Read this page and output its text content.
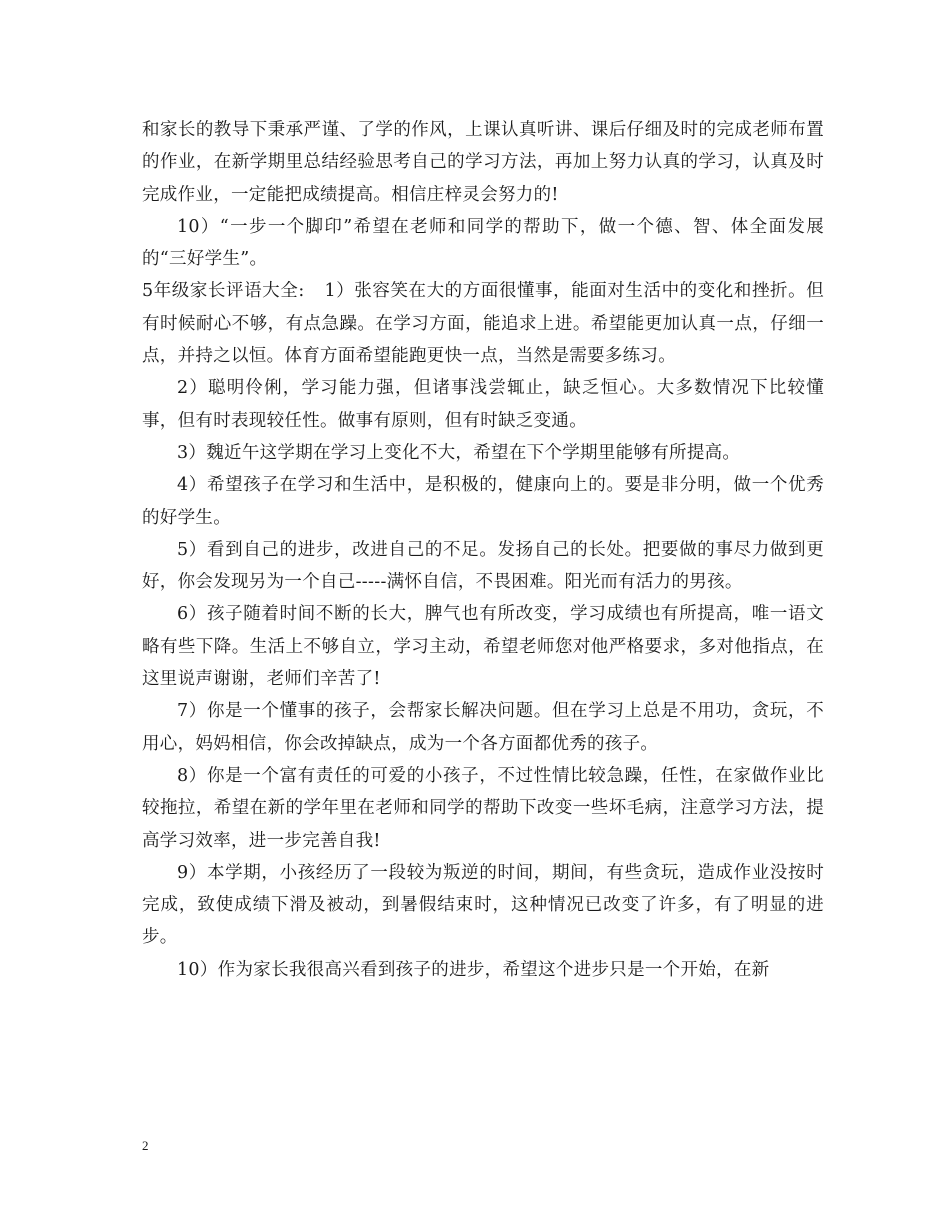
和家长的教导下秉承严谨、了学的作风，上课认真听讲、课后仔细及时的完成老师布置的作业，在新学期里总结经验思考自己的学习方法，再加上努力认真的学习，认真及时完成作业，一定能把成绩提高。相信庄梓灵会努力的!

10）“一步一个脚印”希望在老师和同学的帮助下，做一个德、智、体全面发展的“三好学生”。

5年级家长评语大全: 1）张容笑在大的方面很懂事，能面对生活中的变化和挫折。但有时候耐心不够，有点急躁。在学习方面，能追求上进。希望能更加认真一点，仔细一点，并持之以恒。体育方面希望能跑更快一点，当然是需要多练习。

2）聪明伶俐，学习能力强，但诸事浅尝辄止，缺乏恒心。大多数情况下比较懂事，但有时表现较任性。做事有原则，但有时缺乏变通。

3）魏近午这学期在学习上变化不大，希望在下个学期里能够有所提高。

4）希望孩子在学习和生活中，是积极的，健康向上的。要是非分明，做一个优秀的好学生。

5）看到自己的进步，改进自己的不足。发扬自己的长处。把要做的事尽力做到更好，你会发现另为一个自己-----满怀自信，不畏困难。阳光而有活力的男孩。

6）孩子随着时间不断的长大，脾气也有所改变，学习成绩也有所提高，唯一语文略有些下降。生活上不够自立，学习主动，希望老师您对他严格要求，多对他指点，在这里说声谢谢，老师们辛苦了!

7）你是一个懂事的孩子，会帮家长解决问题。但在学习上总是不用功，贪玩，不用心，妈妈相信，你会改掉缺点，成为一个各方面都优秀的孩子。

8）你是一个富有责任的可爱的小孩子，不过性情比较急躁，任性，在家做作业比较拖拉，希望在新的学年里在老师和同学的帮助下改变一些坏毛病，注意学习方法，提高学习效率，进一步完善自我!

9）本学期，小孩经历了一段较为叛逆的时间，期间，有些贪玩，造成作业没按时完成，致使成绩下滑及被动，到暑假结束时，这种情况已改变了许多，有了明显的进步。

10）作为家长我很高兴看到孩子的进步，希望这个进步只是一个开始，在新

2
